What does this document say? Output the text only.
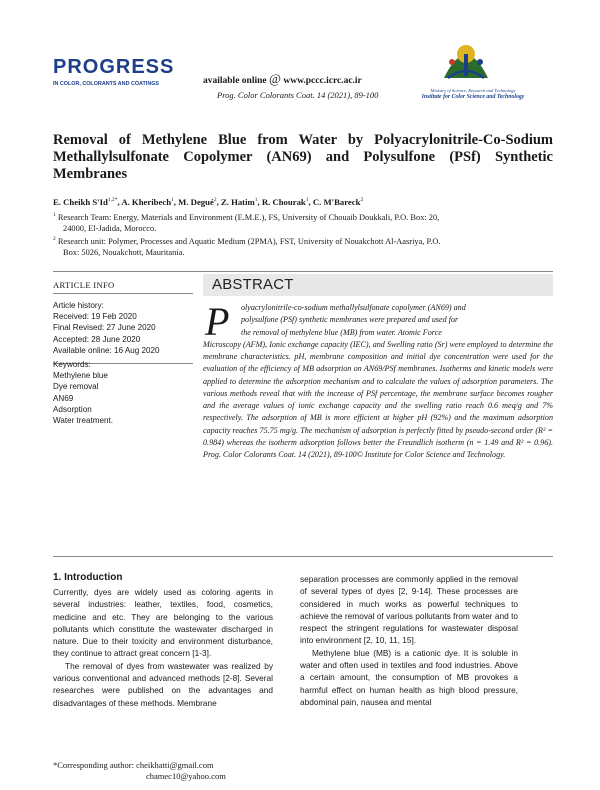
PROGRESS
IN COLOR, COLORANTS AND COATINGS	available online @ www.pccc.icrc.ac.ir
Prog. Color Colorants Coat. 14 (2021), 89-100	Ministry of Science, Research and Technology
Institute for Color Science and Technology
Removal of Methylene Blue from Water by Polyacrylonitrile-Co-Sodium Methallylsulfonate Copolymer (AN69) and Polysulfone (PSf) Synthetic Membranes
E. Cheikh $S'Id^{1,2*}$, A. Kheribech$^1$, M. Degué$^2$, Z. Hatim$^1$, R. Chourak$^1$, C. M'Bareck$^2$
$^1$ Research Team: Energy, Materials and Environment (E.M.E.), FS, University of Chouaib Doukkali, P.O. Box: 20,
24000, El-Jadida, Morocco.
$^2$ Research unit: Polymer, Processes and Aquatic Medium (2PMA), FST, University of Nouakchott Al-Aasriya, P.O.
Box: 5026, Nouakchott, Mauritania.
ARTICLE INFO
Article history:
Received: 19 Feb 2020
Final Revised: 27 June 2020
Accepted: 28 June 2020
Available online: 16 Aug 2020
Keywords:
Methylene blue
Dye removal
AN69
Adsorption
Water treatment.
ABSTRACT
P	olyacrylonitrile-co-sodium methallylsulfonate copolymer (AN69) and
polysulfone (PSf) synthetic membranes were prepared and used for
the removal of methylene blue (MB) from water. Atomic Force
Microscopy (AFM), Ionic exchange capacity (IEC), and Swelling ratio (Sr) were employed to determine the membrane characteristics. pH, membrane composition and initial dye concentration were used for the evaluation of the efficiency of MB adsorption on AN69/PSf membranes. Isotherms and kinetic models were applied to determine the adsorption mechanism and to calculate the values of adsorption parameters. The various methods reveal that with the increase of PSf percentage, the membrane surface becomes rougher and the average values of ionic exchange capacity and the swelling ratio reach 0.6 meq/g and 7% respectively. The adsorption of MB is more efficient at higher pH (92%) and the maximum adsorption capacity reaches 75.75 mg/g. The mechanism of adsorption is perfectly fitted by pseudo-second order (R² = 0.984) whereas the isotherm adsorption follows better the Freundlich isotherm (n = 1.49 and R² = 0.96). Prog. Color Colorants Coat. 14 (2021), 89-100© Institute for Color Science and Technology.
1. Introduction

Currently, dyes are widely used as coloring agents in several industries: leather, textiles, food, cosmetics, medicine and etc. They are belonging to the various pollutants which constitute the wastewater discharged in nature. Due to their toxicity and environment disturbance, they continue to attract great concern [1-3].

The removal of dyes from wastewater was realized by various conventional and advanced methods [2-8]. Several researches were published on the advantages and disadvantages of these methods. Membrane

separation processes are commonly applied in the removal of several types of dyes [2, 9-14]. These processes are considered in much works as powerful techniques to achieve the removal of various pollutants from water and to respect the stringent regulations for wastewater disposal into environment [2, 10, 11, 15].

Methylene blue (MB) is a cationic dye. It is soluble in water and often used in textiles and food industries. Above a certain amount, the consumption of MB provokes a harmful effect on human health as high blood pressure, abdominal pain, nausea and mental

*Corresponding author: cheikhatti@gmail.com
chamec10@yahoo.com
